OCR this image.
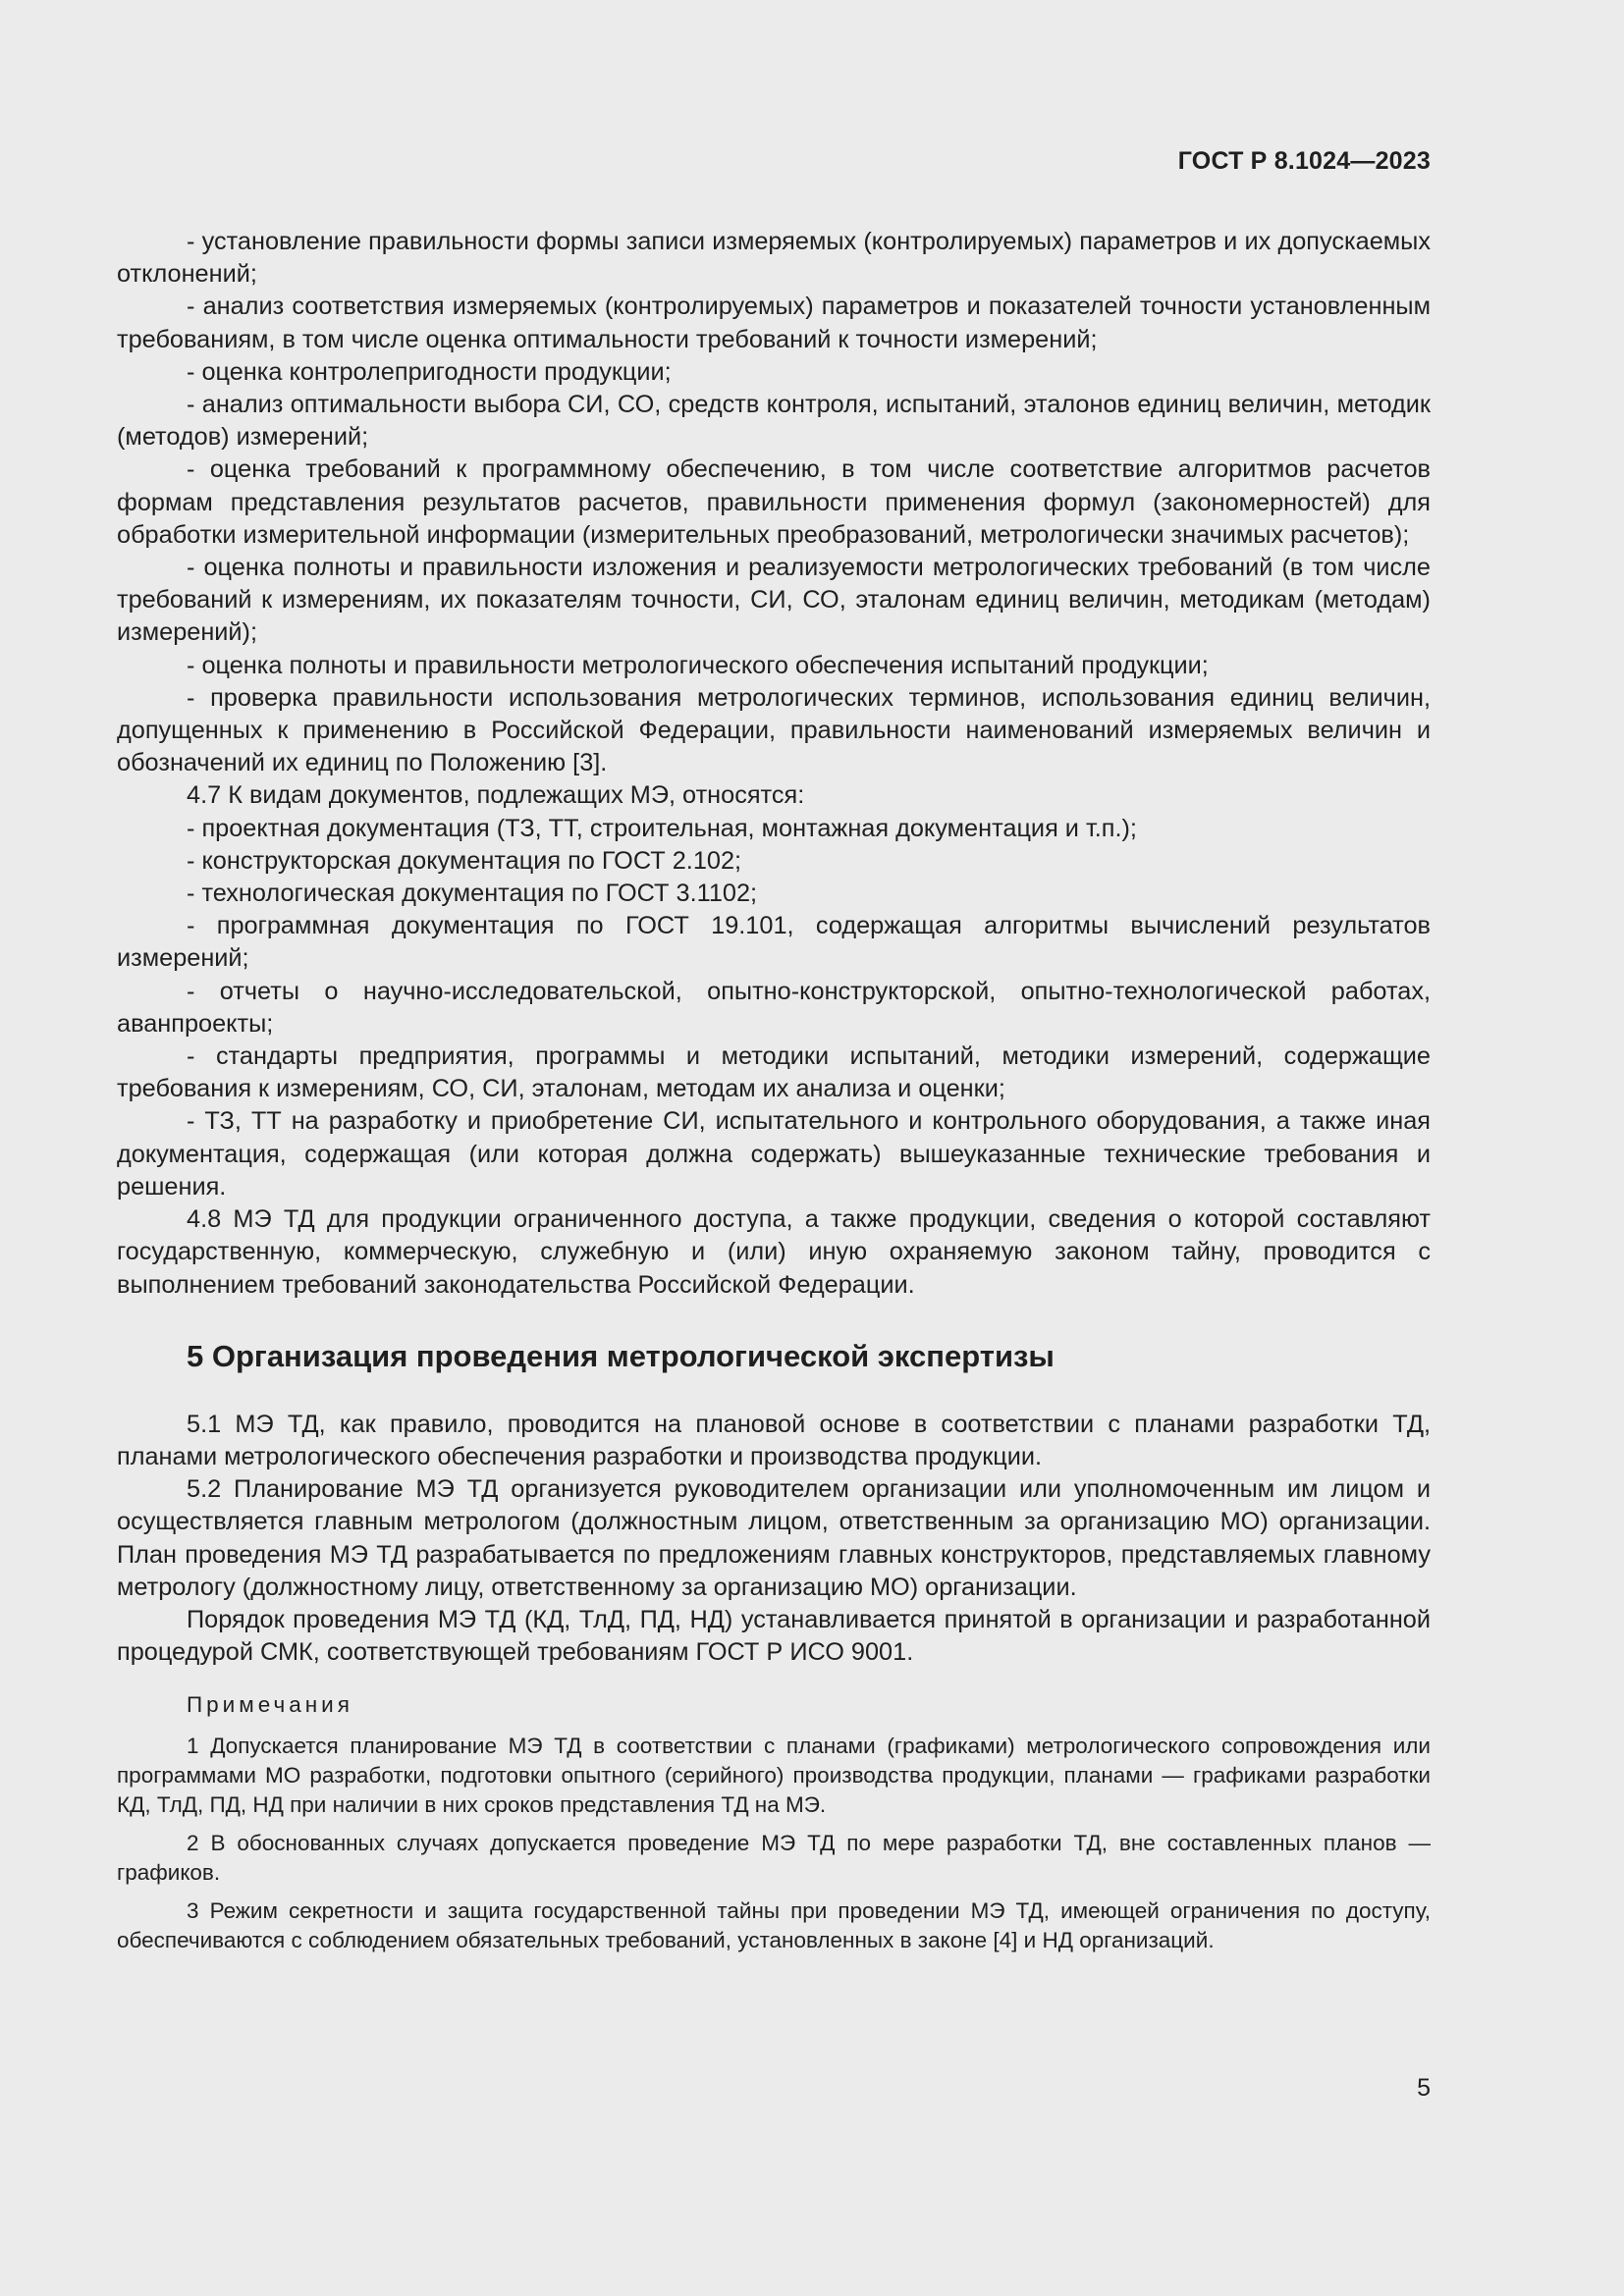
ГОСТ Р 8.1024—2023

- установление правильности формы записи измеряемых (контролируемых) параметров и их допускаемых отклонений;

- анализ соответствия измеряемых (контролируемых) параметров и показателей точности установленным требованиям, в том числе оценка оптимальности требований к точности измерений;

- оценка контролепригодности продукции;

- анализ оптимальности выбора СИ, СО, средств контроля, испытаний, эталонов единиц величин, методик (методов) измерений;

- оценка требований к программному обеспечению, в том числе соответствие алгоритмов расчетов формам представления результатов расчетов, правильности применения формул (закономерностей) для обработки измерительной информации (измерительных преобразований, метрологически значимых расчетов);

- оценка полноты и правильности изложения и реализуемости метрологических требований (в том числе требований к измерениям, их показателям точности, СИ, СО, эталонам единиц величин, методикам (методам) измерений);

- оценка полноты и правильности метрологического обеспечения испытаний продукции;

- проверка правильности использования метрологических терминов, использования единиц величин, допущенных к применению в Российской Федерации, правильности наименований измеряемых величин и обозначений их единиц по Положению [3].

4.7 К видам документов, подлежащих МЭ, относятся:

- проектная документация (ТЗ, ТТ, строительная, монтажная документация и т.п.);

- конструкторская документация по ГОСТ 2.102;

- технологическая документация по ГОСТ 3.1102;

- программная документация по ГОСТ 19.101, содержащая алгоритмы вычислений результатов измерений;

- отчеты о научно-исследовательской, опытно-конструкторской, опытно-технологической работах, аванпроекты;

- стандарты предприятия, программы и методики испытаний, методики измерений, содержащие требования к измерениям, СО, СИ, эталонам, методам их анализа и оценки;

- ТЗ, ТТ на разработку и приобретение СИ, испытательного и контрольного оборудования, а также иная документация, содержащая (или которая должна содержать) вышеуказанные технические требования и решения.

4.8 МЭ ТД для продукции ограниченного доступа, а также продукции, сведения о которой составляют государственную, коммерческую, служебную и (или) иную охраняемую законом тайну, проводится с выполнением требований законодательства Российской Федерации.

5 Организация проведения метрологической экспертизы

5.1 МЭ ТД, как правило, проводится на плановой основе в соответствии с планами разработки ТД, планами метрологического обеспечения разработки и производства продукции.

5.2 Планирование МЭ ТД организуется руководителем организации или уполномоченным им лицом и осуществляется главным метрологом (должностным лицом, ответственным за организацию МО) организации. План проведения МЭ ТД разрабатывается по предложениям главных конструкторов, представляемых главному метрологу (должностному лицу, ответственному за организацию МО) организации.

Порядок проведения МЭ ТД (КД, ТлД, ПД, НД) устанавливается принятой в организации и разработанной процедурой СМК, соответствующей требованиям ГОСТ Р ИСО 9001.

Примечания

1 Допускается планирование МЭ ТД в соответствии с планами (графиками) метрологического сопровождения или программами МО разработки, подготовки опытного (серийного) производства продукции, планами — графиками разработки КД, ТлД, ПД, НД при наличии в них сроков представления ТД на МЭ.

2 В обоснованных случаях допускается проведение МЭ ТД по мере разработки ТД, вне составленных планов — графиков.

3 Режим секретности и защита государственной тайны при проведении МЭ ТД, имеющей ограничения по доступу, обеспечиваются с соблюдением обязательных требований, установленных в законе [4] и НД организаций.

5
